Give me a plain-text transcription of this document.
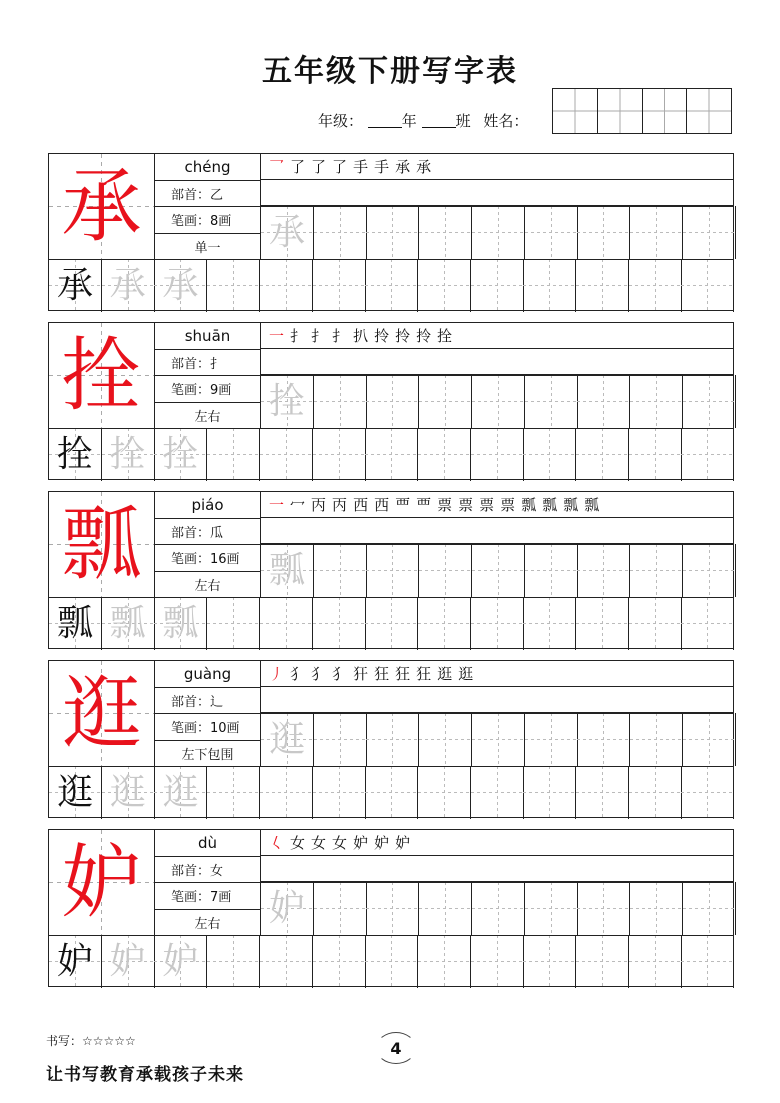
五年级下册写字表
年级：	年	班 姓名：
承	chéng
部首：乙
笔画：8画
单一
乛 了 了 了 手 手 承 承
承
承 承 承
拴	shuān
部首：扌
笔画：9画
左右
一 扌 扌 扌 扒 拎 拎 拎 拴
拴
拴 拴 拴
瓢	piáo
部首：瓜
笔画：16画
左右
一 冖 丙 丙 西 西 覀 覀 票 票 票 票 瓢 瓢 瓢 瓢
瓢
瓢 瓢 瓢
逛	guàng
部首：辶
笔画：10画
左下包围
丿 犭 犭 犭 犴 狂 狂 狂 逛 逛
逛
逛 逛 逛
妒	dù
部首：女
笔画：7画
左右
𡿨 女 女 女 妒 妒 妒
妒
妒 妒 妒
书写：☆☆☆☆☆
让书写教育承载孩子未来
4
